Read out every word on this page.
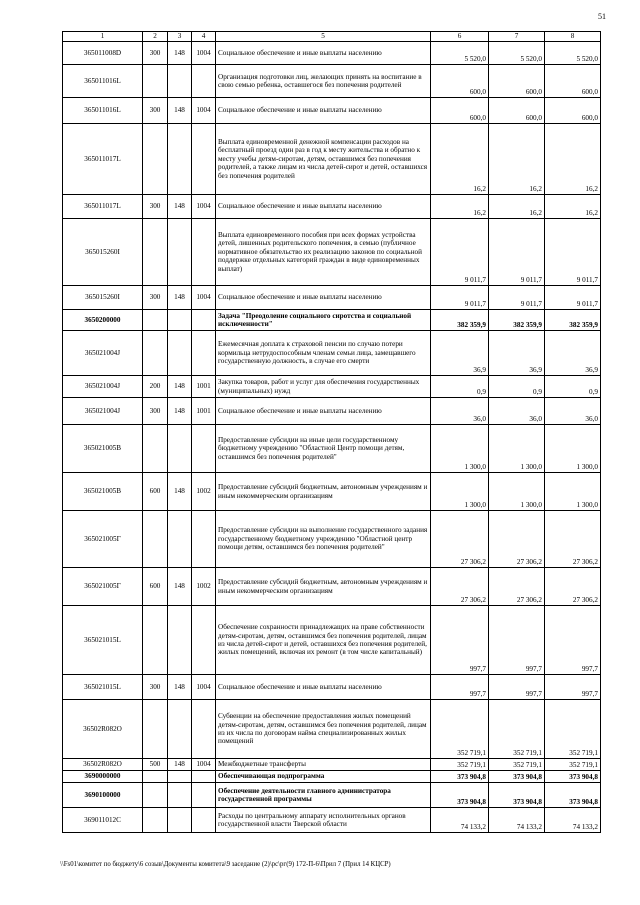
51
1	2	3	4	5	6	7	8
365011008D	300	148	1004	Социальное обеспечение и иные выплаты населению	5 520,0	5 520,0	5 520,0
365011016L				Организация подготовки лиц, желающих принять на воспитание в свою семью ребенка, оставшегося без попечения родителей	600,0	600,0	600,0
365011016L	300	148	1004	Социальное обеспечение и иные выплаты населению	600,0	600,0	600,0
365011017L				Выплата единовременной денежной компенсации расходов на бесплатный проезд один раз в год к месту жительства и обратно к месту учебы детям-сиротам, детям, оставшимся без попечения родителей, а также лицам из числа детей-сирот и детей, оставшихся без попечения родителей	16,2	16,2	16,2
365011017L	300	148	1004	Социальное обеспечение и иные выплаты населению	16,2	16,2	16,2
365015260I				Выплата единовременного пособия при всех формах устройства детей, лишенных родительского попечения, в семью (публичное нормативное обязательство их реализацию законов по социальной поддержке отдельных категорий граждан в виде единовременных выплат)	9 011,7	9 011,7	9 011,7
365015260I	300	148	1004	Социальное обеспечение и иные выплаты населению	9 011,7	9 011,7	9 011,7
3650200000				Задача "Преодоление социального сиротства и социальной исключенности"	382 359,9	382 359,9	382 359,9
365021004J				Ежемесячная доплата к страховой пенсии по случаю потери кормильца нетрудоспособным членам семьи лица, замещавшего государственную должность, в случае его смерти	36,9	36,9	36,9
365021004J	200	148	1001	Закупка товаров, работ и услуг для обеспечения государственных (муниципальных) нужд	0,9	0,9	0,9
365021004J	300	148	1001	Социальное обеспечение и иные выплаты населению	36,0	36,0	36,0
365021005B				Предоставление субсидии на иные цели государственному бюджетному учреждению "Областной Центр помощи детям, оставшимся без попечения родителей"	1 300,0	1 300,0	1 300,0
365021005B	600	148	1002	Предоставление субсидий бюджетным, автономным учреждениям и иным некоммерческим организациям	1 300,0	1 300,0	1 300,0
365021005Г				Предоставление субсидии на выполнение государственного задания государственному бюджетному учреждению "Областной центр помощи детям, оставшимся без попечения родителей"	27 306,2	27 306,2	27 306,2
365021005Г	600	148	1002	Предоставление субсидий бюджетным, автономным учреждениям и иным некоммерческим организациям	27 306,2	27 306,2	27 306,2
365021015L				Обеспечение сохранности принадлежащих на праве собственности детям-сиротам, детям, оставшимся без попечения родителей, лицам из числа детей-сирот и детей, оставшихся без попечения родителей, жилых помещений, включая их ремонт (в том числе капитальный)	997,7	997,7	997,7
365021015L	300	148	1004	Социальное обеспечение и иные выплаты населению	997,7	997,7	997,7
36502R082O				Субвенции на обеспечение предоставления жилых помещений детям-сиротам, детям, оставшимся без попечения родителей, лицам из их числа по договорам найма специализированных жилых помещений	352 719,1	352 719,1	352 719,1
36502R082O	500	148	1004	Межбюджетные трансферты	352 719,1	352 719,1	352 719,1
3690000000				Обеспечивающая подпрограмма	373 904,8	373 904,8	373 904,8
3690100000				Обеспечение деятельности главного администратора государственной программы	373 904,8	373 904,8	373 904,8
369011012C				Расходы по центральному аппарату исполнительных органов государственной власти Тверской области	74 133,2	74 133,2	74 133,2
\\Fs01\комитет по бюджету\6 созыв\Документы комитета\9 заседание (2)\рс\рг(9) 172-П-6\Прил 7 (Прил 14 КЦСР)
